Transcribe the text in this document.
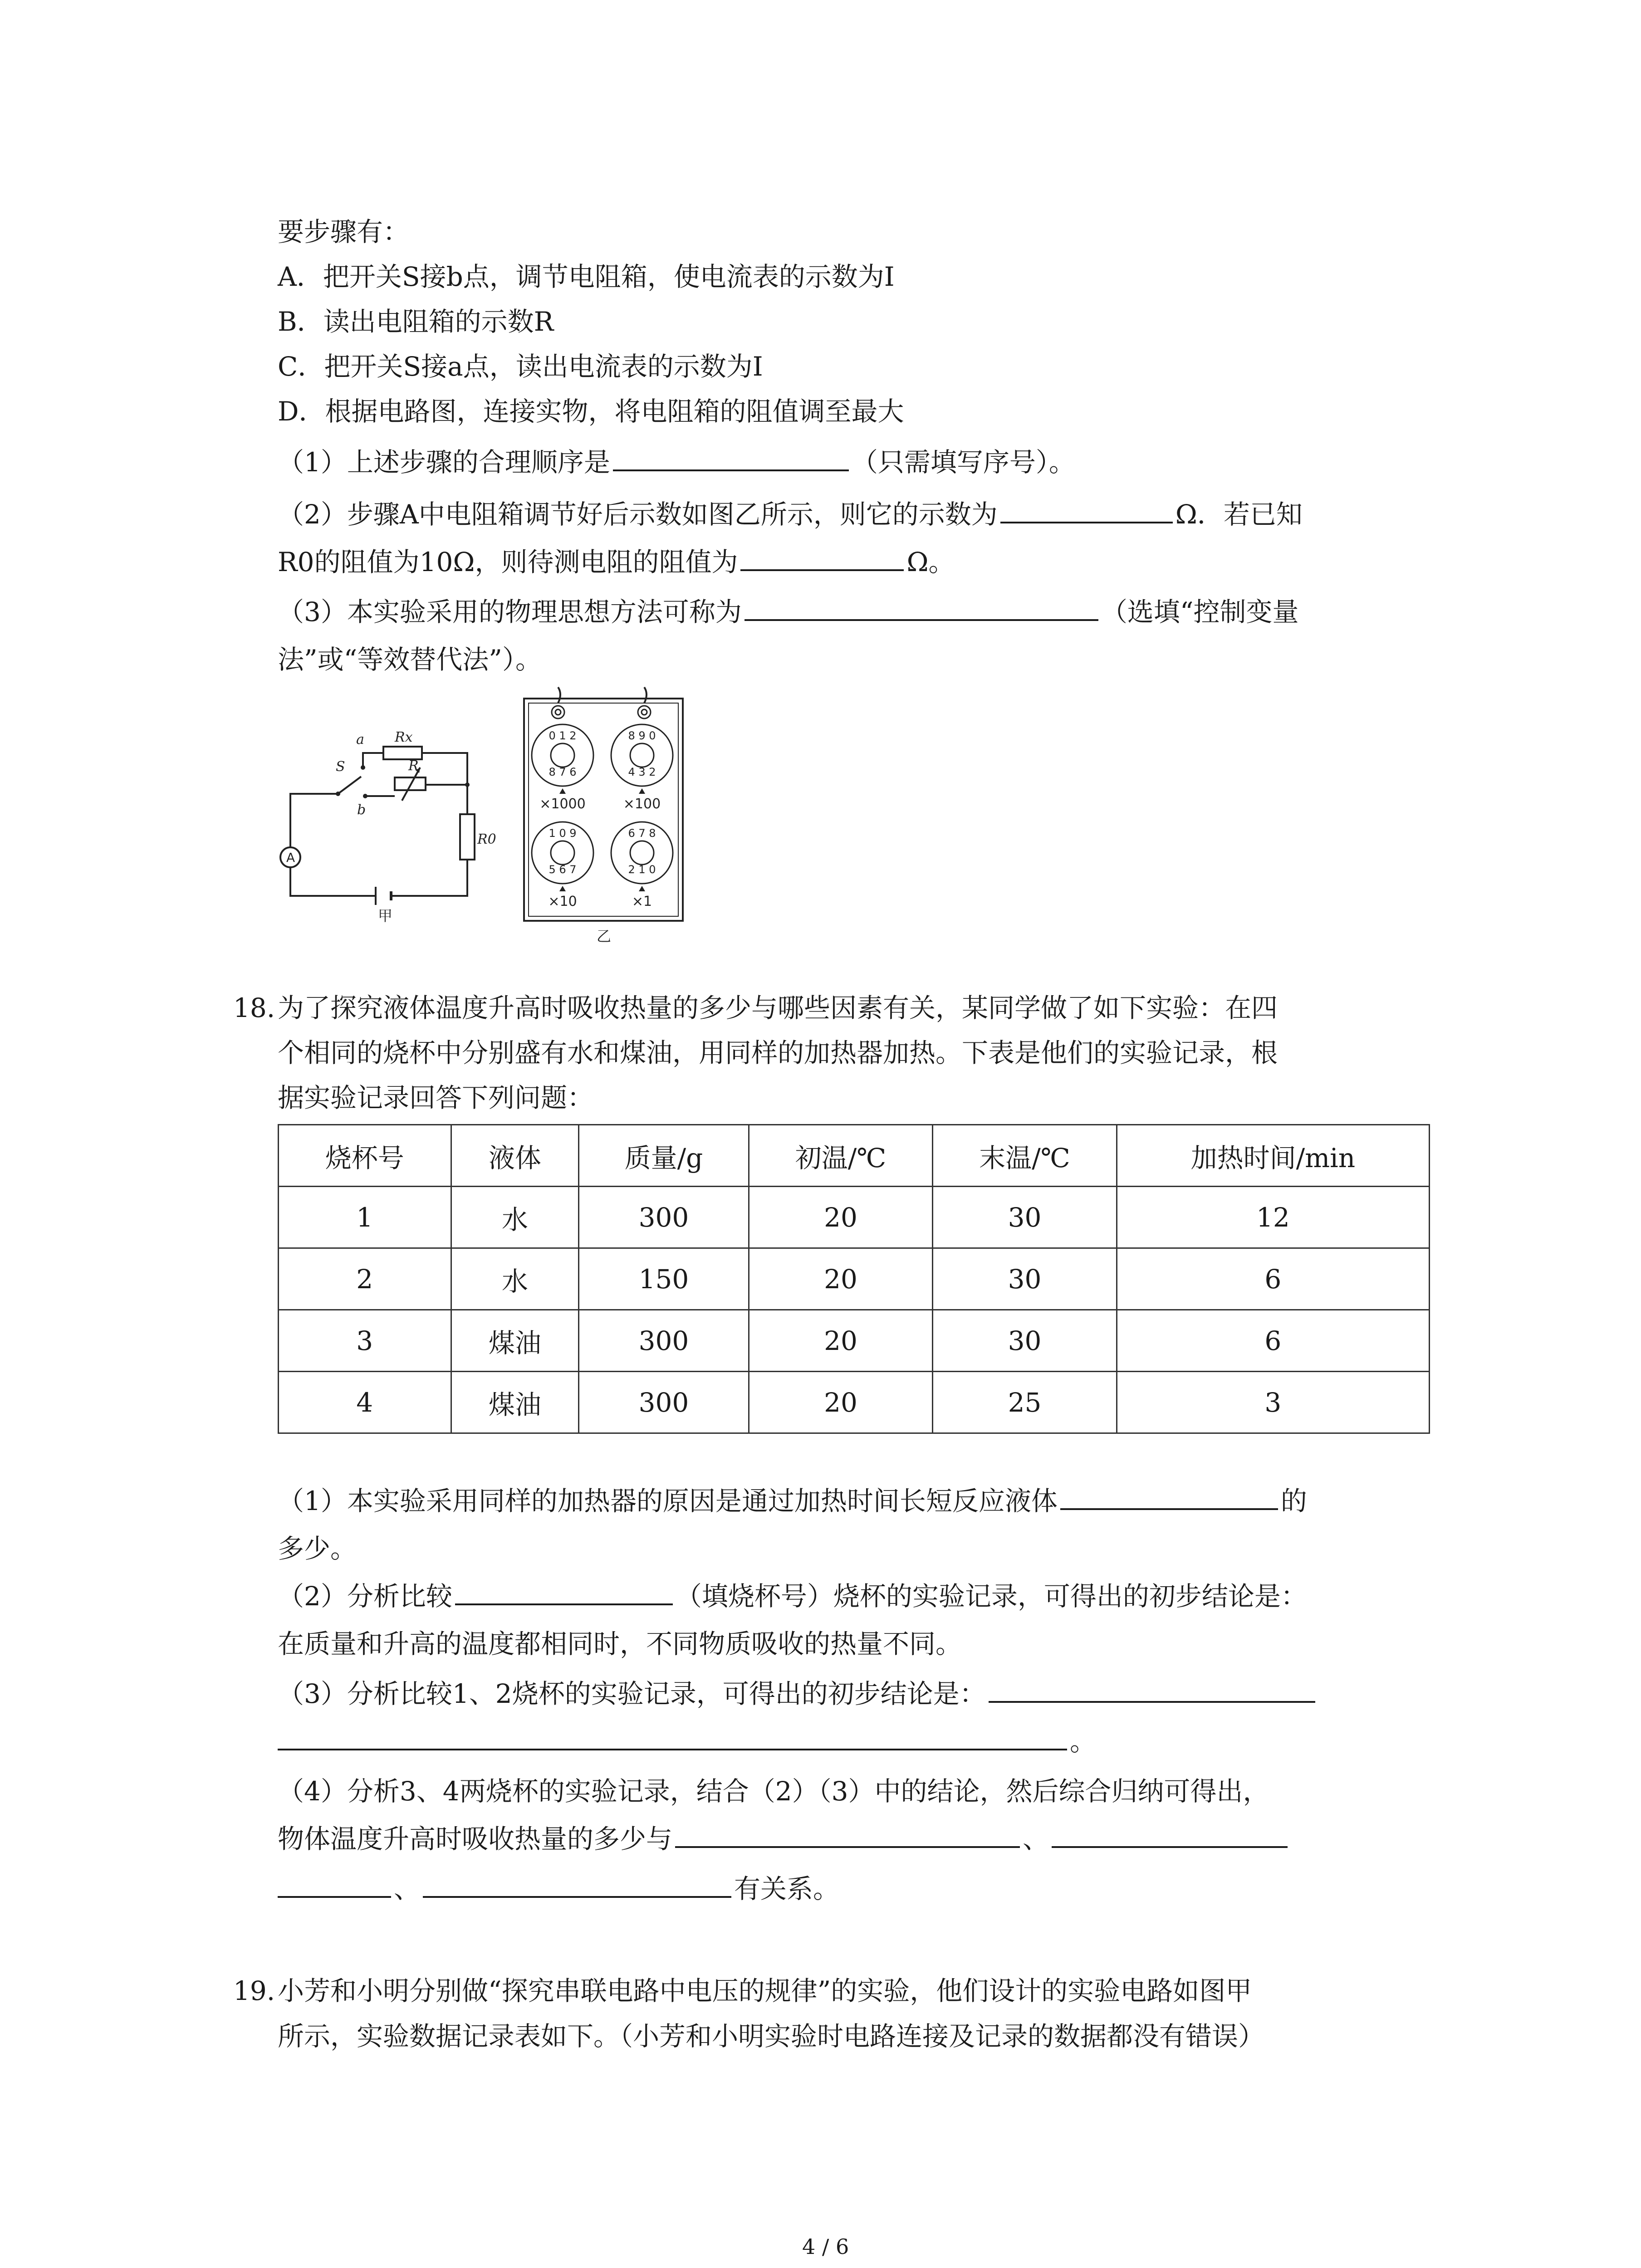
要步骤有：
A．把开关S接b点，调节电阻箱，使电流表的示数为I
B．读出电阻箱的示数R
C．把开关S接a点，读出电流表的示数为I
D．根据电路图，连接实物，将电阻箱的阻值调至最大
（1）上述步骤的合理顺序是	（只需填写序号）。
（2）步骤A中电阻箱调节好后示数如图乙所示，则它的示数为	Ω．若已知
R0的阻值为10Ω，则待测电阻的阻值为	Ω。
（3）本实验采用的物理思想方法可称为	（选填“控制变量
法”或“等效替代法”）。
S
a
b
Rx
R
R0
A
甲
0 1 2
8 7 6
8 9 0
4 3 2
1 0 9
5 6 7
6 7 8
2 1 0
×1000	×100
×10	×1
乙
18. 为了探究液体温度升高时吸收热量的多少与哪些因素有关，某同学做了如下实验：在四
个相同的烧杯中分别盛有水和煤油，用同样的加热器加热。下表是他们的实验记录，根
据实验记录回答下列问题：
烧杯号	液体	质量/g	初温/℃	末温/℃	加热时间/min
1	水	300	20	30	12
2	水	150	20	30	6
3	煤油	300	20	30	6
4	煤油	300	20	25	3
（1）本实验采用同样的加热器的原因是通过加热时间长短反应液体	的
多少。
（2）分析比较	（填烧杯号）烧杯的实验记录，可得出的初步结论是：
在质量和升高的温度都相同时，不同物质吸收的热量不同。
（3）分析比较1、2烧杯的实验记录，可得出的初步结论是：
。
（4）分析3、4两烧杯的实验记录，结合（2）（3）中的结论，然后综合归纳可得出，
物体温度升高时吸收热量的多少与	、
、	有关系。
19. 小芳和小明分别做“探究串联电路中电压的规律”的实验，他们设计的实验电路如图甲
所示，实验数据记录表如下。（小芳和小明实验时电路连接及记录的数据都没有错误）
4 / 6
